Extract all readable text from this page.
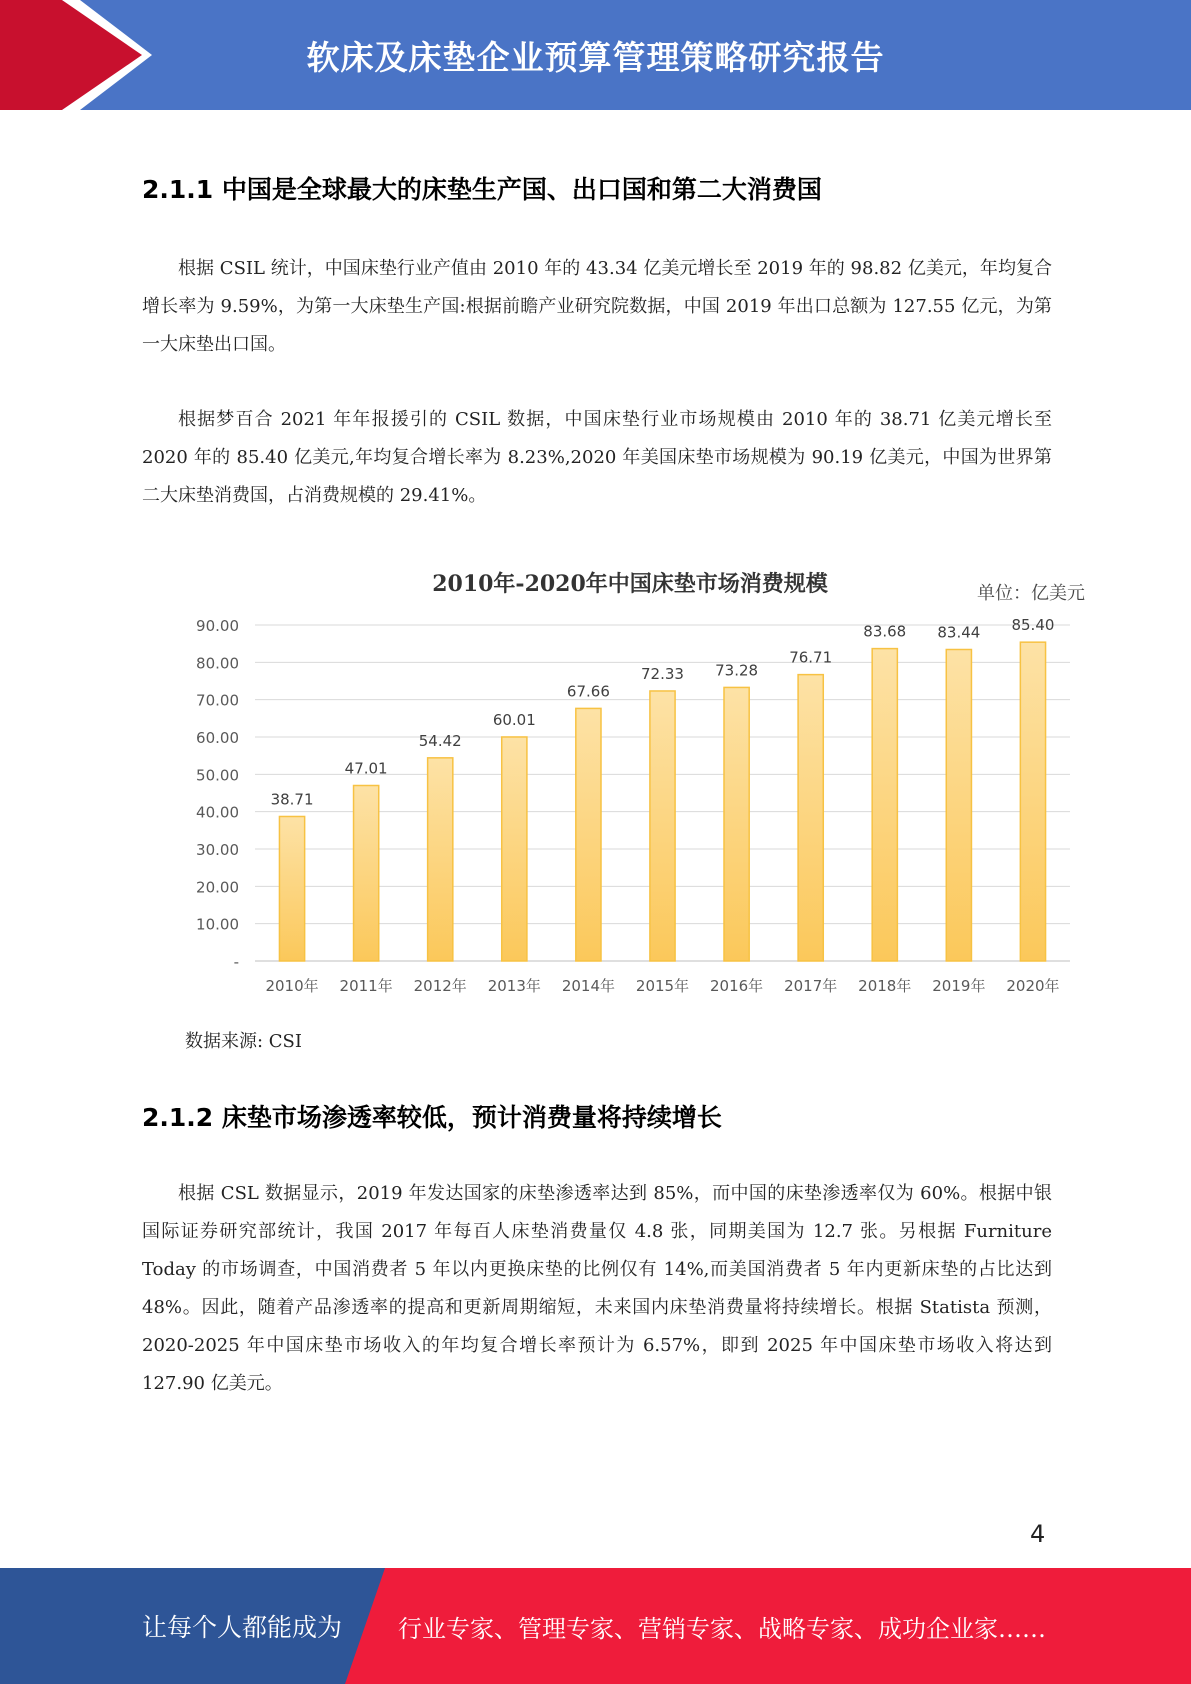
软床及床垫企业预算管理策略研究报告
2.1.1 中国是全球最大的床垫生产国、出口国和第二大消费国

根据 CSIL 统计，中国床垫行业产值由 2010 年的 43.34 亿美元增长至 2019 年的 98.82 亿美元，年均复合增长率为 9.59%，为第一大床垫生产国:根据前瞻产业研究院数据，中国 2019 年出口总额为 127.55 亿元，为第一大床垫出口国。

根据梦百合 2021 年年报援引的 CSIL 数据，中国床垫行业市场规模由 2010 年的 38.71 亿美元增长至 2020 年的 85.40 亿美元,年均复合增长率为 8.23%,2020 年美国床垫市场规模为 90.19 亿美元，中国为世界第二大床垫消费国，占消费规模的 29.41%。

-
10.00
20.00
30.00
40.00
50.00
60.00
70.00
80.00
90.00
38.71
2010年
47.01
2011年
54.42
2012年
60.01
2013年
67.66
2014年
72.33
2015年
73.28
2016年
76.71
2017年
83.68
2018年
83.44
2019年
85.40
2020年
2010年-2020年中国床垫市场消费规模	单位：亿美元
数据来源: CSI
2.1.2 床垫市场渗透率较低，预计消费量将持续增长

根据 CSL 数据显示，2019 年发达国家的床垫渗透率达到 85%，而中国的床垫渗透率仅为 60%。根据中银国际证券研究部统计，我国 2017 年每百人床垫消费量仅 4.8 张，同期美国为 12.7 张。另根据 Furniture Today 的市场调查，中国消费者 5 年以内更换床垫的比例仅有 14%,而美国消费者 5 年内更新床垫的占比达到 48%。因此，随着产品渗透率的提高和更新周期缩短，未来国内床垫消费量将持续增长。根据 Statista 预测，2020-2025 年中国床垫市场收入的年均复合增长率预计为 6.57%，即到 2025 年中国床垫市场收入将达到 127.90 亿美元。

4
让每个人都能成为 行业专家、管理专家、营销专家、战略专家、成功企业家……
